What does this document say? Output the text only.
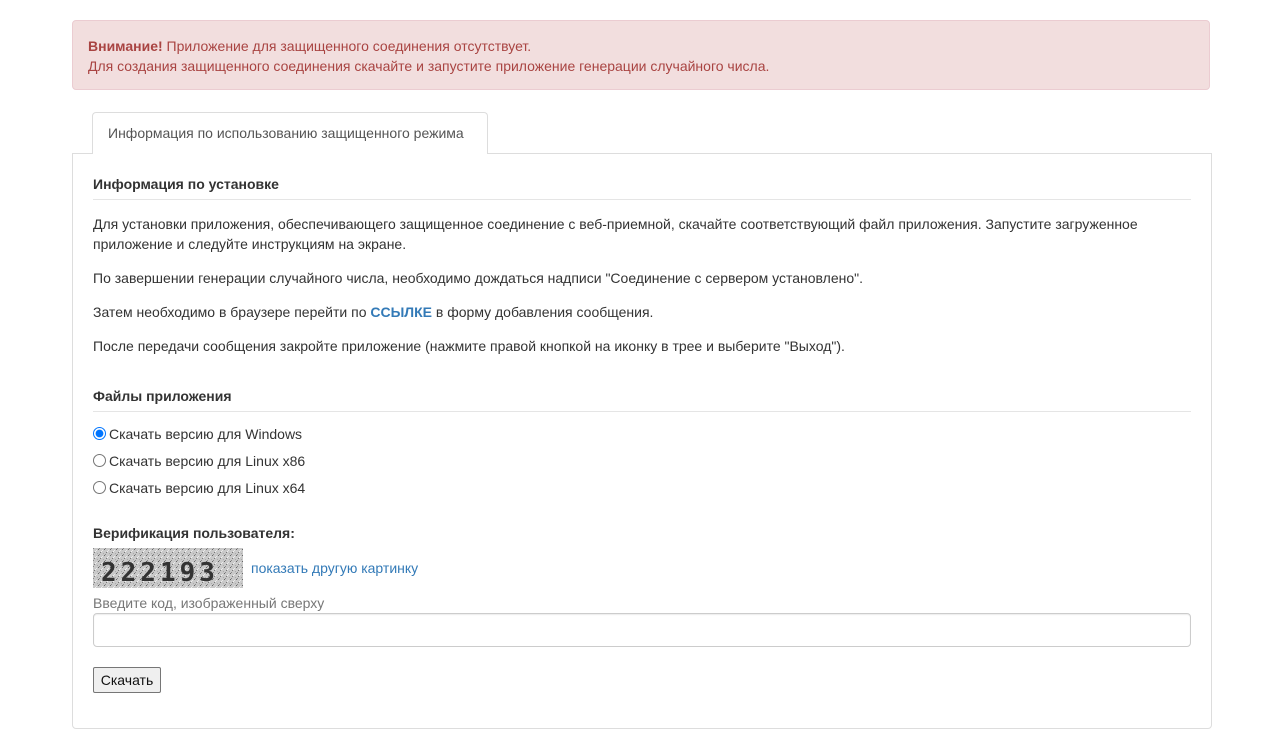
Внимание! Приложение для защищенного соединения отсутствует.
Для создания защищенного соединения скачайте и запустите приложение генерации случайного числа.
Информация по использованию защищенного режима
Информация по установке
Для установки приложения, обеспечивающего защищенное соединение с веб-приемной, скачайте соответствующий файл приложения. Запустите загруженное приложение и следуйте инструкциям на экране.
По завершении генерации случайного числа, необходимо дождаться надписи "Соединение с сервером установлено".
Затем необходимо в браузере перейти по ССЫЛКЕ в форму добавления сообщения.
После передачи сообщения закройте приложение (нажмите правой кнопкой на иконку в трее и выберите "Выход").
Файлы приложения
Скачать версию для Windows
Скачать версию для Linux x86
Скачать версию для Linux x64
Верификация пользователя:
222193 показать другую картинку
Введите код, изображенный сверху
Скачать
